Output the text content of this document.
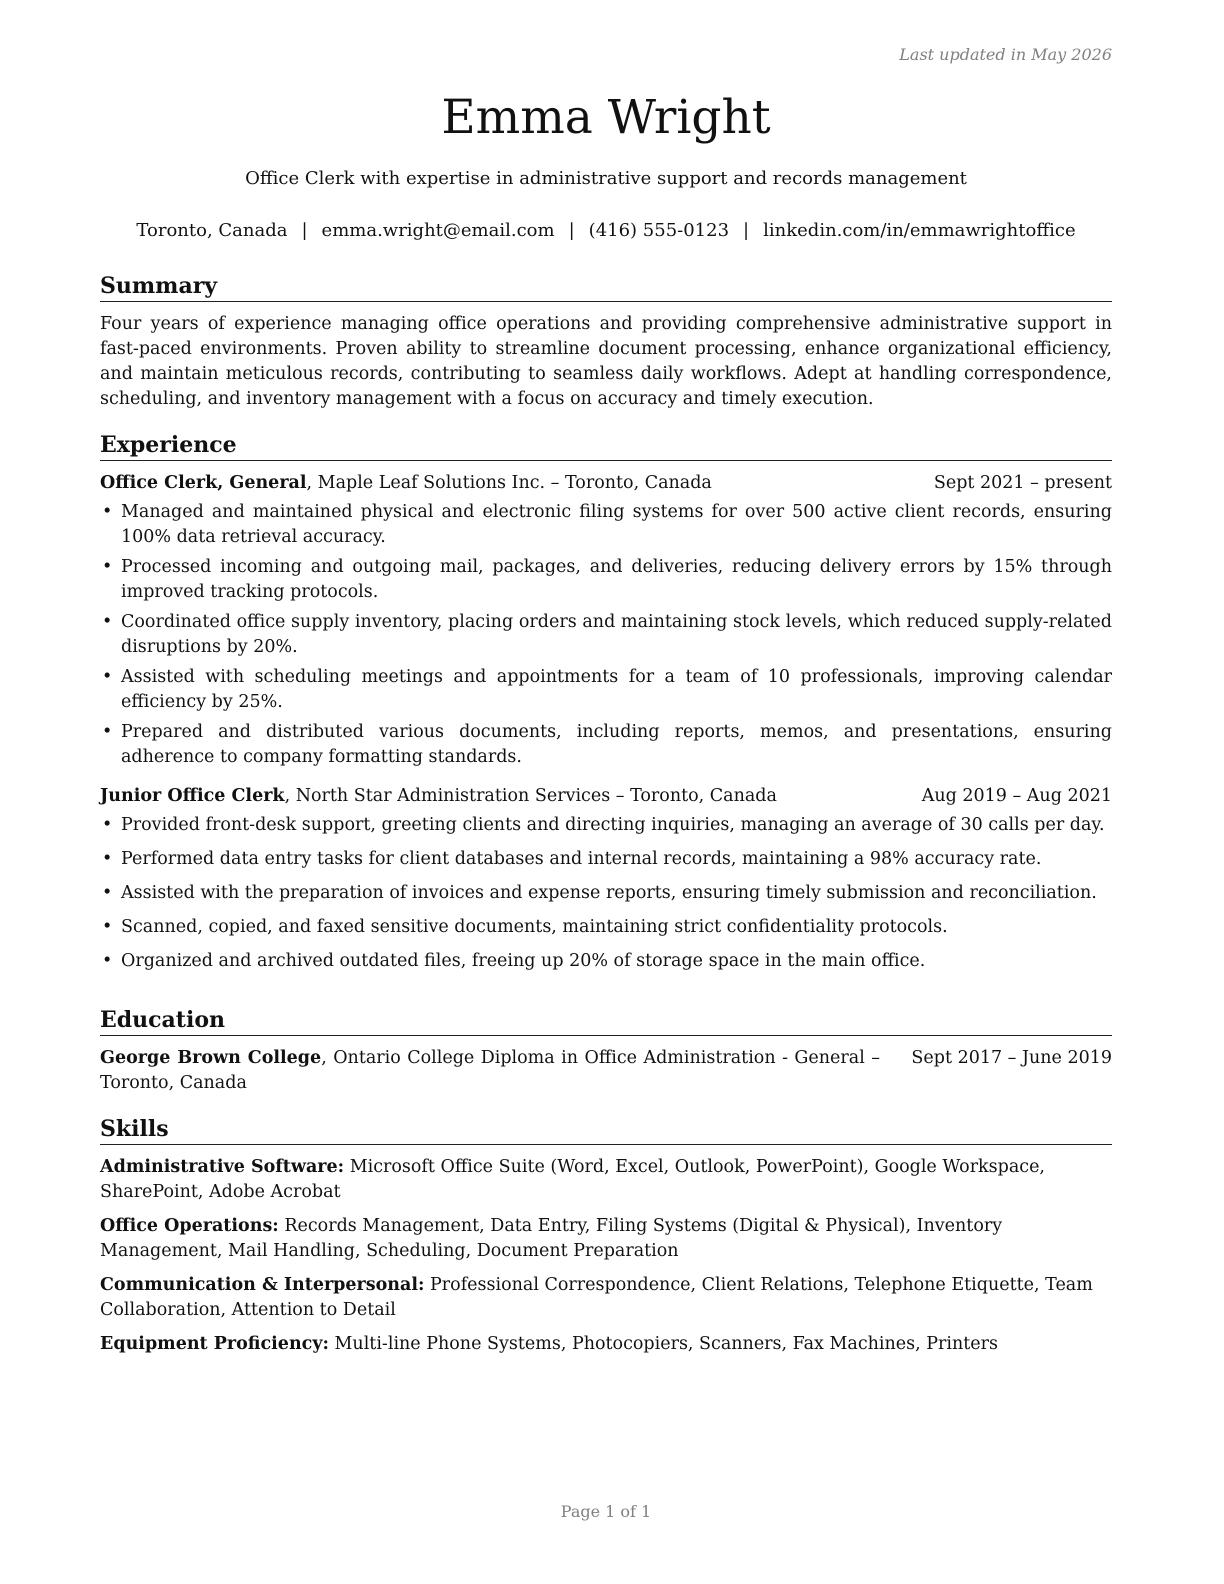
Last updated in May 2026
Emma Wright
Office Clerk with expertise in administrative support and records management
Toronto, Canada | emma.wright@email.com | (416) 555-0123 | linkedin.com/in/emmawrightoffice
Summary

Four years of experience managing office operations and providing comprehensive administrative support in fast-paced environments. Proven ability to streamline document processing, enhance organizational efficiency, and maintain meticulous records, contributing to seamless daily workflows. Adept at handling correspondence, scheduling, and inventory management with a focus on accuracy and timely execution.

Experience
Office Clerk, General, Maple Leaf Solutions Inc. – Toronto, Canada	Sept 2021 – present
• Managed and maintained physical and electronic filing systems for over 500 active client records, ensuring 100% data retrieval accuracy.
• Processed incoming and outgoing mail, packages, and deliveries, reducing delivery errors by 15% through improved tracking protocols.
• Coordinated office supply inventory, placing orders and maintaining stock levels, which reduced supply-related disruptions by 20%.
• Assisted with scheduling meetings and appointments for a team of 10 professionals, improving calendar efficiency by 25%.
• Prepared and distributed various documents, including reports, memos, and presentations, ensuring adherence to company formatting standards.
Junior Office Clerk, North Star Administration Services – Toronto, Canada	Aug 2019 – Aug 2021
• Provided front-desk support, greeting clients and directing inquiries, managing an average of 30 calls per day.
• Performed data entry tasks for client databases and internal records, maintaining a 98% accuracy rate.
• Assisted with the preparation of invoices and expense reports, ensuring timely submission and reconciliation.
• Scanned, copied, and faxed sensitive documents, maintaining strict confidentiality protocols.
• Organized and archived outdated files, freeing up 20% of storage space in the main office.
Education
George Brown College, Ontario College Diploma in Office Administration - General – Toronto, Canada
Sept 2017 – June 2019
Skills
Administrative Software: Microsoft Office Suite (Word, Excel, Outlook, PowerPoint), Google Workspace, SharePoint, Adobe Acrobat
Office Operations: Records Management, Data Entry, Filing Systems (Digital & Physical), Inventory Management, Mail Handling, Scheduling, Document Preparation
Communication & Interpersonal: Professional Correspondence, Client Relations, Telephone Etiquette, Team Collaboration, Attention to Detail
Equipment Proficiency: Multi-line Phone Systems, Photocopiers, Scanners, Fax Machines, Printers
Page 1 of 1
